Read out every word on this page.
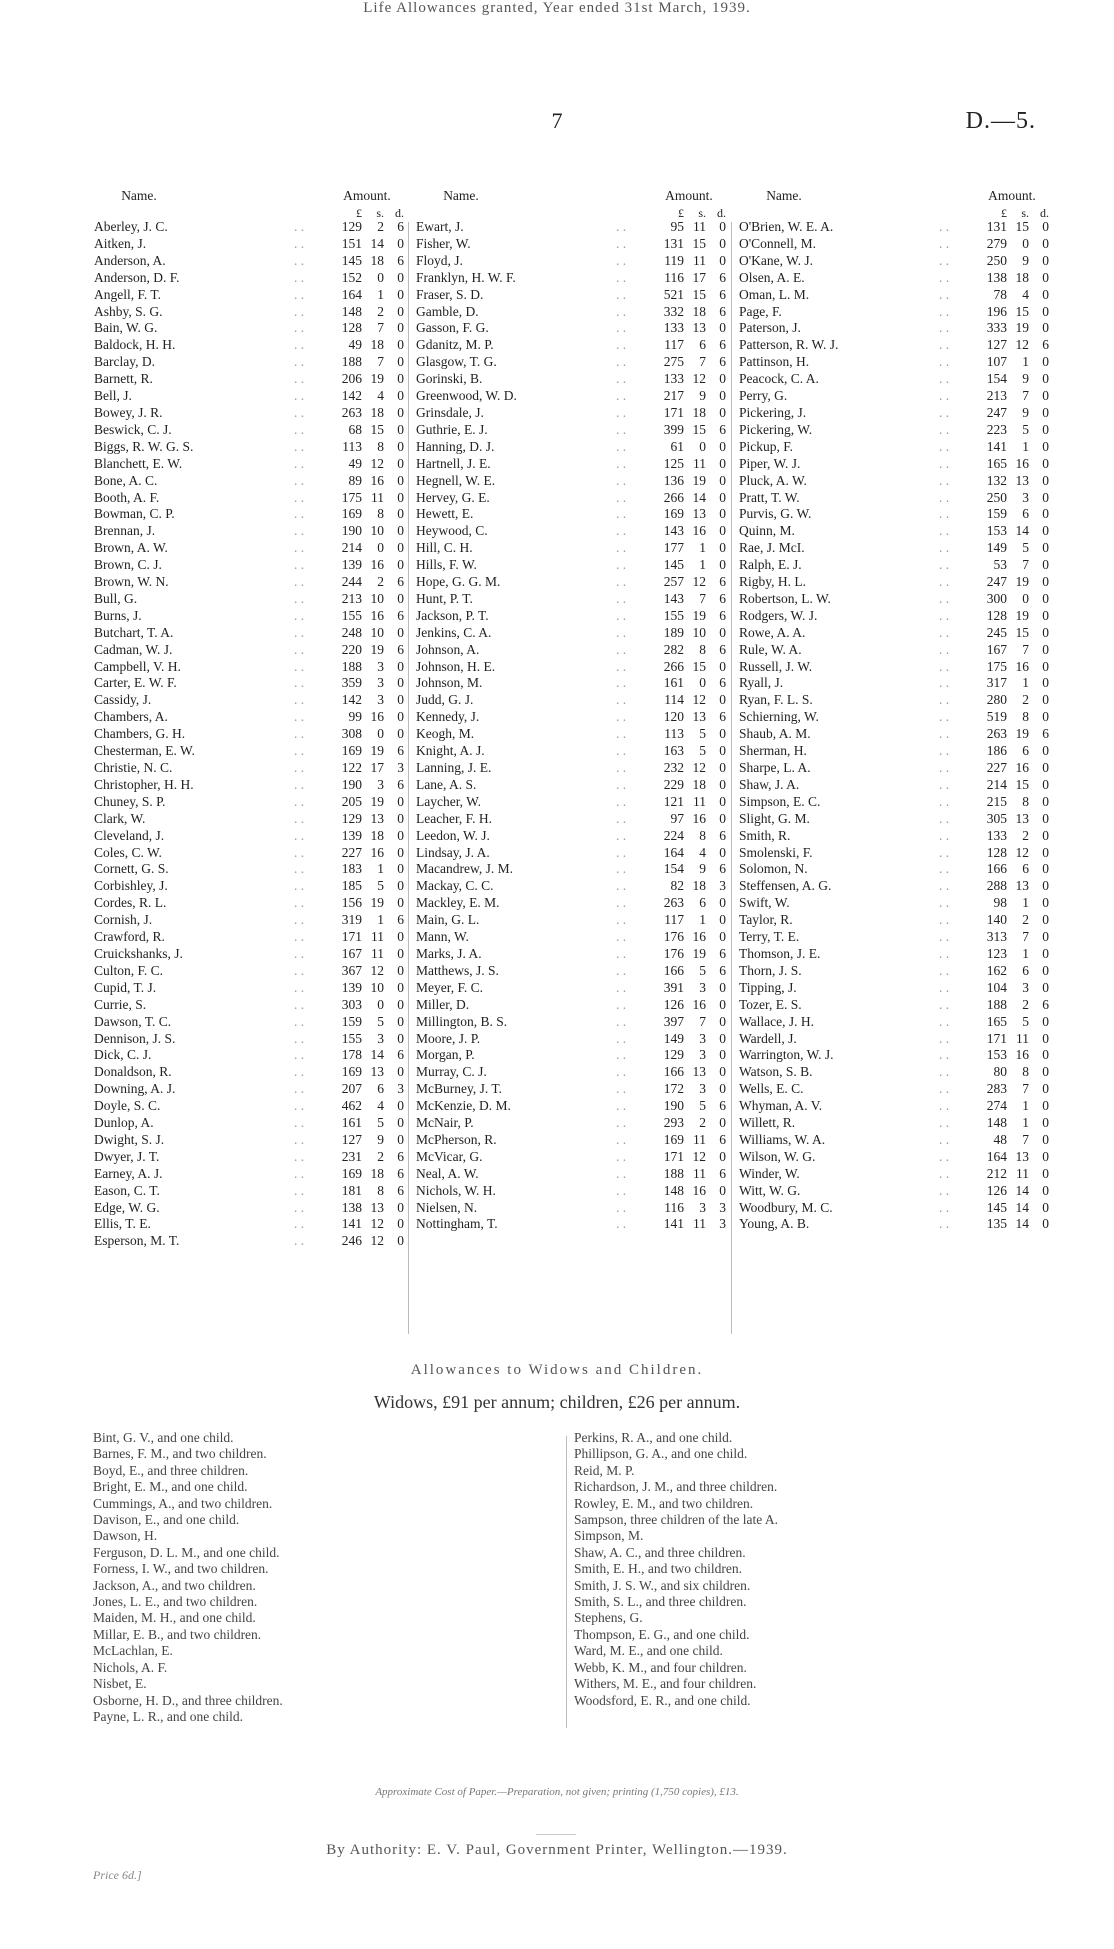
7	D.—5.
Life Allowances granted, Year ended 31st March, 1939.
Name.	Amount.
£	s. d.
Aberley, J. C.	. .	129	2 6
Aitken, J.	. .	151 14 0
Anderson, A.	. .	145 18 6
Anderson, D. F.	. .	152	0 0
Angell, F. T.	. .	164	1 0
Ashby, S. G.	. .	148	2 0
Bain, W. G.	. .	128	7 0
Baldock, H. H.	. .	49 18 0
Barclay, D.	. .	188	7 0
Barnett, R.	. .	206 19 0
Bell, J.	. .	142	4 0
Bowey, J. R.	. .	263 18 0
Beswick, C. J.	. .	68 15 0
Biggs, R. W. G. S.	. .	113	8 0
Blanchett, E. W.	. .	49 12 0
Bone, A. C.	. .	89 16 0
Booth, A. F.	. .	175 11 0
Bowman, C. P.	. .	169	8 0
Brennan, J.	. .	190 10 0
Brown, A. W.	. .	214	0 0
Brown, C. J.	. .	139 16 0
Brown, W. N.	. .	244	2 6
Bull, G.	. .	213 10 0
Burns, J.	. .	155 16 6
Butchart, T. A.	. .	248 10 0
Cadman, W. J.	. .	220 19 6
Campbell, V. H.	. .	188	3 0
Carter, E. W. F.	. .	359	3 0
Cassidy, J.	. .	142	3 0
Chambers, A.	. .	99 16 0
Chambers, G. H.	. .	308	0 0
Chesterman, E. W.	. .	169 19 6
Christie, N. C.	. .	122 17 3
Christopher, H. H.	. .	190	3 6
Chuney, S. P.	. .	205 19 0
Clark, W.	. .	129 13 0
Cleveland, J.	. .	139 18 0
Coles, C. W.	. .	227 16 0
Cornett, G. S.	. .	183	1 0
Corbishley, J.	. .	185	5 0
Cordes, R. L.	. .	156 19 0
Cornish, J.	. .	319	1 6
Crawford, R.	. .	171 11 0
Cruickshanks, J.	. .	167 11 0
Culton, F. C.	. .	367 12 0
Cupid, T. J.	. .	139 10 0
Currie, S.	. .	303	0 0
Dawson, T. C.	. .	159	5 0
Dennison, J. S.	. .	155	3 0
Dick, C. J.	. .	178 14 6
Donaldson, R.	. .	169 13 0
Downing, A. J.	. .	207	6 3
Doyle, S. C.	. .	462	4 0
Dunlop, A.	. .	161	5 0
Dwight, S. J.	. .	127	9 0
Dwyer, J. T.	. .	231	2 6
Earney, A. J.	. .	169 18 6
Eason, C. T.	. .	181	8 6
Edge, W. G.	. .	138 13 0
Ellis, T. E.	. .	141 12 0
Esperson, M. T.	. .	246 12 0
Name.	Amount.
£	s. d.
Ewart, J.	. .	95 11 0
Fisher, W.	. .	131 15 0
Floyd, J.	. .	119 11 0
Franklyn, H. W. F.	. .	116 17 6
Fraser, S. D.	. .	521 15 6
Gamble, D.	. .	332 18 6
Gasson, F. G.	. .	133 13 0
Gdanitz, M. P.	. .	117	6 6
Glasgow, T. G.	. .	275	7 6
Gorinski, B.	. .	133 12 0
Greenwood, W. D.	. .	217	9 0
Grinsdale, J.	. .	171 18 0
Guthrie, E. J.	. .	399 15 6
Hanning, D. J.	. .	61	0 0
Hartnell, J. E.	. .	125 11 0
Hegnell, W. E.	. .	136 19 0
Hervey, G. E.	. .	266 14 0
Hewett, E.	. .	169 13 0
Heywood, C.	. .	143 16 0
Hill, C. H.	. .	177	1 0
Hills, F. W.	. .	145	1 0
Hope, G. G. M.	. .	257 12 6
Hunt, P. T.	. .	143	7 6
Jackson, P. T.	. .	155 19 6
Jenkins, C. A.	. .	189 10 0
Johnson, A.	. .	282	8 6
Johnson, H. E.	. .	266 15 0
Johnson, M.	. .	161	0 6
Judd, G. J.	. .	114 12 0
Kennedy, J.	. .	120 13 6
Keogh, M.	. .	113	5 0
Knight, A. J.	. .	163	5 0
Lanning, J. E.	. .	232 12 0
Lane, A. S.	. .	229 18 0
Laycher, W.	. .	121 11 0
Leacher, F. H.	. .	97 16 0
Leedon, W. J.	. .	224	8 6
Lindsay, J. A.	. .	164	4 0
Macandrew, J. M.	. .	154	9 6
Mackay, C. C.	. .	82 18 3
Mackley, E. M.	. .	263	6 0
Main, G. L.	. .	117	1 0
Mann, W.	. .	176 16 0
Marks, J. A.	. .	176 19 6
Matthews, J. S.	. .	166	5 6
Meyer, F. C.	. .	391	3 0
Miller, D.	. .	126 16 0
Millington, B. S.	. .	397	7 0
Moore, J. P.	. .	149	3 0
Morgan, P.	. .	129	3 0
Murray, C. J.	. .	166 13 0
McBurney, J. T.	. .	172	3 0
McKenzie, D. M.	. .	190	5 6
McNair, P.	. .	293	2 0
McPherson, R.	. .	169 11 6
McVicar, G.	. .	171 12 0
Neal, A. W.	. .	188 11 6
Nichols, W. H.	. .	148 16 0
Nielsen, N.	. .	116	3 3
Nottingham, T.	. .	141 11 3
Name.	Amount.
£	s. d.
O'Brien, W. E. A.	. .	131 15 0
O'Connell, M.	. .	279	0 0
O'Kane, W. J.	. .	250	9 0
Olsen, A. E.	. .	138 18 0
Oman, L. M.	. .	78	4 0
Page, F.	. .	196 15 0
Paterson, J.	. .	333 19 0
Patterson, R. W. J.	. .	127 12 6
Pattinson, H.	. .	107	1 0
Peacock, C. A.	. .	154	9 0
Perry, G.	. .	213	7 0
Pickering, J.	. .	247	9 0
Pickering, W.	. .	223	5 0
Pickup, F.	. .	141	1 0
Piper, W. J.	. .	165 16 0
Pluck, A. W.	. .	132 13 0
Pratt, T. W.	. .	250	3 0
Purvis, G. W.	. .	159	6 0
Quinn, M.	. .	153 14 0
Rae, J. McI.	. .	149	5 0
Ralph, E. J.	. .	53	7 0
Rigby, H. L.	. .	247 19 0
Robertson, L. W.	. .	300	0 0
Rodgers, W. J.	. .	128 19 0
Rowe, A. A.	. .	245 15 0
Rule, W. A.	. .	167	7 0
Russell, J. W.	. .	175 16 0
Ryall, J.	. .	317	1 0
Ryan, F. L. S.	. .	280	2 0
Schierning, W.	. .	519	8 0
Shaub, A. M.	. .	263 19 6
Sherman, H.	. .	186	6 0
Sharpe, L. A.	. .	227 16 0
Shaw, J. A.	. .	214 15 0
Simpson, E. C.	. .	215	8 0
Slight, G. M.	. .	305 13 0
Smith, R.	. .	133	2 0
Smolenski, F.	. .	128 12 0
Solomon, N.	. .	166	6 0
Steffensen, A. G.	. .	288 13 0
Swift, W.	. .	98	1 0
Taylor, R.	. .	140	2 0
Terry, T. E.	. .	313	7 0
Thomson, J. E.	. .	123	1 0
Thorn, J. S.	. .	162	6 0
Tipping, J.	. .	104	3 0
Tozer, E. S.	. .	188	2 6
Wallace, J. H.	. .	165	5 0
Wardell, J.	. .	171 11 0
Warrington, W. J.	. .	153 16 0
Watson, S. B.	. .	80	8 0
Wells, E. C.	. .	283	7 0
Whyman, A. V.	. .	274	1 0
Willett, R.	. .	148	1 0
Williams, W. A.	. .	48	7 0
Wilson, W. G.	. .	164 13 0
Winder, W.	. .	212 11 0
Witt, W. G.	. .	126 14 0
Woodbury, M. C.	. .	145 14 0
Young, A. B.	. .	135 14 0
Allowances to Widows and Children.
Widows, £91 per annum; children, £26 per annum.
Bint, G. V., and one child.
Barnes, F. M., and two children.
Boyd, E., and three children.
Bright, E. M., and one child.
Cummings, A., and two children.
Davison, E., and one child.
Dawson, H.
Ferguson, D. L. M., and one child.
Forness, I. W., and two children.
Jackson, A., and two children.
Jones, L. E., and two children.
Maiden, M. H., and one child.
Millar, E. B., and two children.
McLachlan, E.
Nichols, A. F.
Nisbet, E.
Osborne, H. D., and three children.
Payne, L. R., and one child.
Perkins, R. A., and one child.
Phillipson, G. A., and one child.
Reid, M. P.
Richardson, J. M., and three children.
Rowley, E. M., and two children.
Sampson, three children of the late A.
Simpson, M.
Shaw, A. C., and three children.
Smith, E. H., and two children.
Smith, J. S. W., and six children.
Smith, S. L., and three children.
Stephens, G.
Thompson, E. G., and one child.
Ward, M. E., and one child.
Webb, K. M., and four children.
Withers, M. E., and four children.
Woodsford, E. R., and one child.
Approximate Cost of Paper.—Preparation, not given; printing (1,750 copies), £13.
By Authority: E. V. Paul, Government Printer, Wellington.—1939.
Price 6d.]
